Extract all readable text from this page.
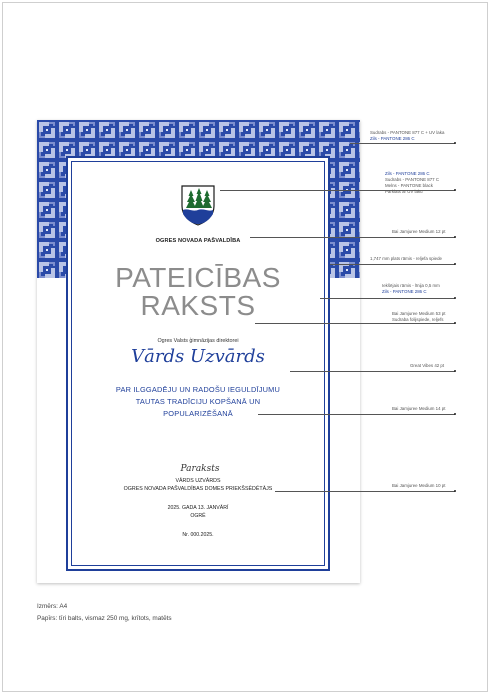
OGRES NOVADA PAŠVALDĪBA
PATEICĪBAS
RAKSTS
Ogres Valsts ģimnāzijas direktorei
Vārds Uzvārds
PAR ILGGADĒJU UN RADOŠU IEGULDĪJUMU
TAUTAS TRADĪCIJU KOPŠANĀ UN
POPULARIZĒŠANĀ
Paraksts
VĀRDS UZVĀRDS
OGRES NOVADA PAŠVALDĪBAS DOMES PRIEKŠSĒDĒTĀJS
2025. GADA 13. JANVĀRĪ
OGRĒ
Nr. 000.2025.
Sudrabs - PANTONE 877 C + UV laka
Zils - PANTONE 286 C
Zils - PANTONE 286 C
Sudrabs - PANTONE 877 C
Melns - PANTONE black
Parklāts ar UV laku
Bai Jamjuree Medium 12 pt
1,747 mm plats rāmis - reljefa spiede
Iekšējais rāmis - līnija 0,5 mm
Zils - PANTONE 286 C
Bai Jamjuree Medium 53 pt
Sudraba folijspiede, reljefs
Great Vibes 42 pt
Bai Jamjuree Medium 14 pt
Bai Jamjuree Medium 10 pt
Izmērs: A4
Papīrs: tīri balts, vismaz 250 mg, krītots, matēts
